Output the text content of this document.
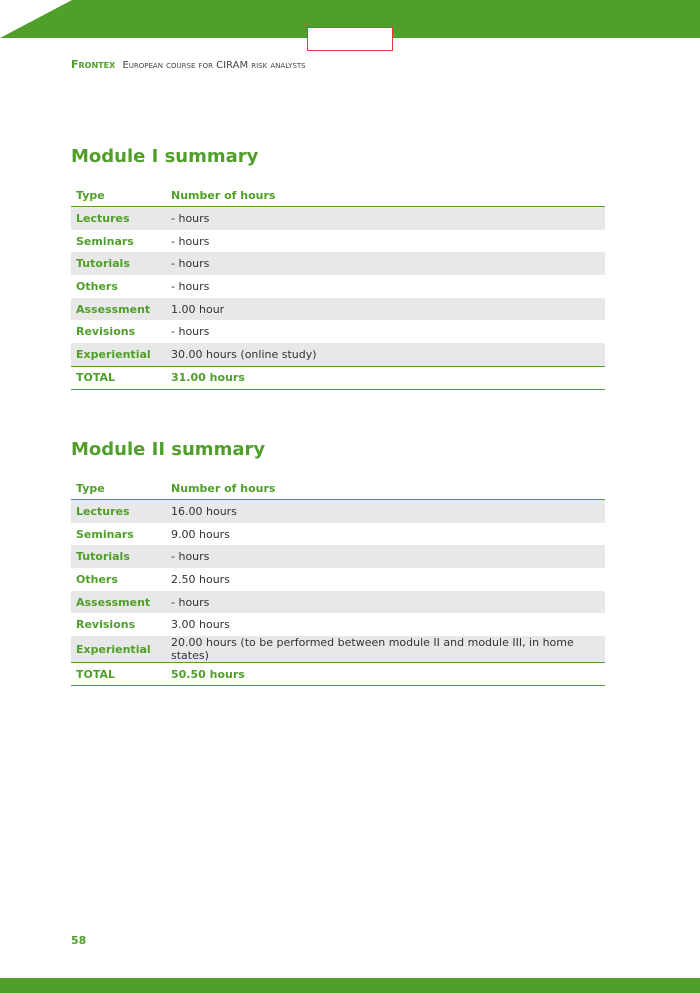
Frontex European course for CIRAM risk analysts
Module I summary
Type	Number of hours
Lectures	- hours
Seminars	- hours
Tutorials	- hours
Others	- hours
Assessment	1.00 hour
Revisions	- hours
Experiential	30.00 hours (online study)
TOTAL	31.00 hours
Module II summary
Type	Number of hours
Lectures	16.00 hours
Seminars	9.00 hours
Tutorials	- hours
Others	2.50 hours
Assessment	- hours
Revisions	3.00 hours
Experiential	20.00 hours (to be performed between module II and module III, in home states)
TOTAL	50.50 hours
58
